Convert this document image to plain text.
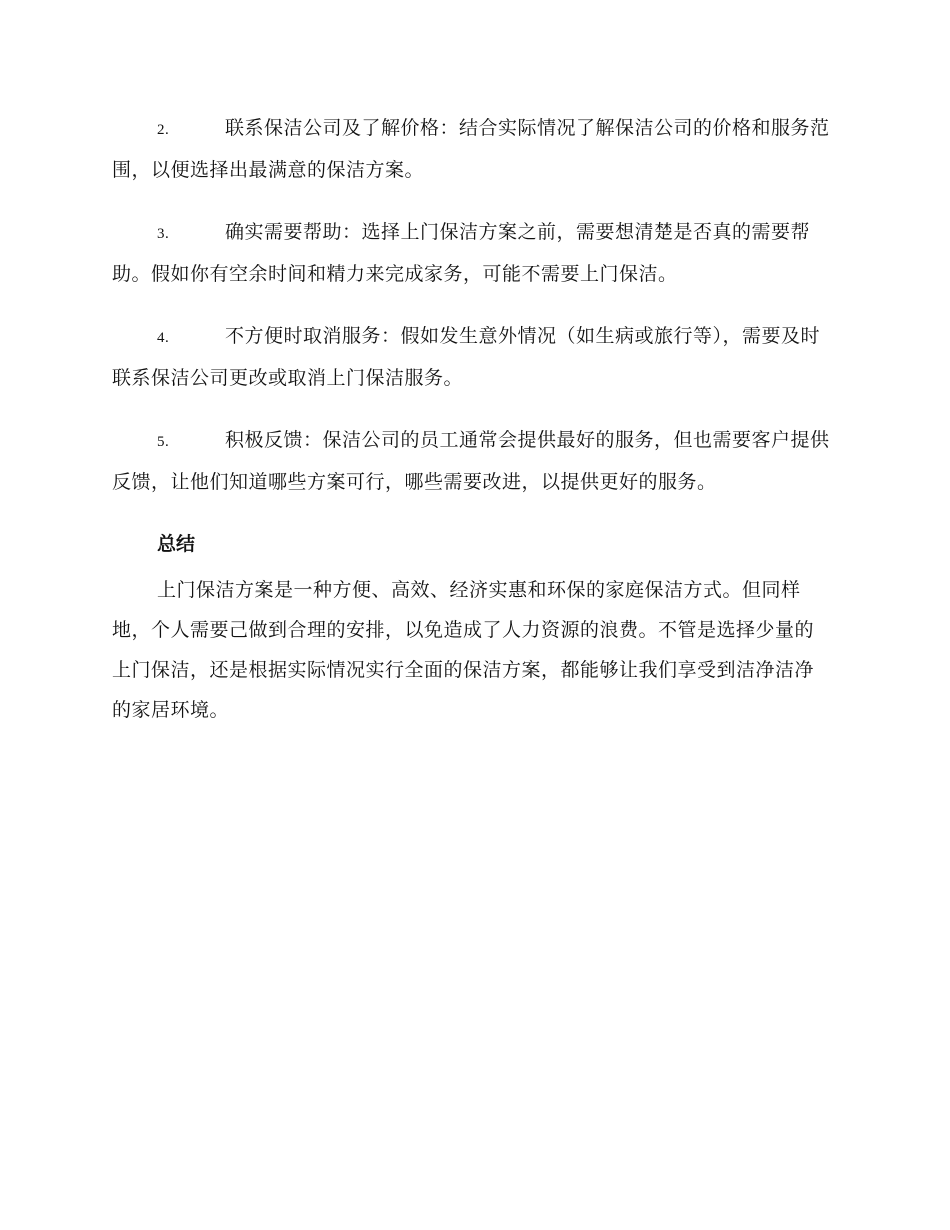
2.	联系保洁公司及了解价格：结合实际情况了解保洁公司的价格和服务范围，以便选择出最满意的保洁方案。
3.	确实需要帮助：选择上门保洁方案之前，需要想清楚是否真的需要帮助。假如你有空余时间和精力来完成家务，可能不需要上门保洁。
4.	不方便时取消服务：假如发生意外情况（如生病或旅行等），需要及时联系保洁公司更改或取消上门保洁服务。
5.	积极反馈：保洁公司的员工通常会提供最好的服务，但也需要客户提供反馈，让他们知道哪些方案可行，哪些需要改进，以提供更好的服务。
总结

上门保洁方案是一种方便、高效、经济实惠和环保的家庭保洁方式。但同样地，个人需要己做到合理的安排，以免造成了人力资源的浪费。不管是选择少量的上门保洁，还是根据实际情况实行全面的保洁方案，都能够让我们享受到洁净洁净的家居环境。
